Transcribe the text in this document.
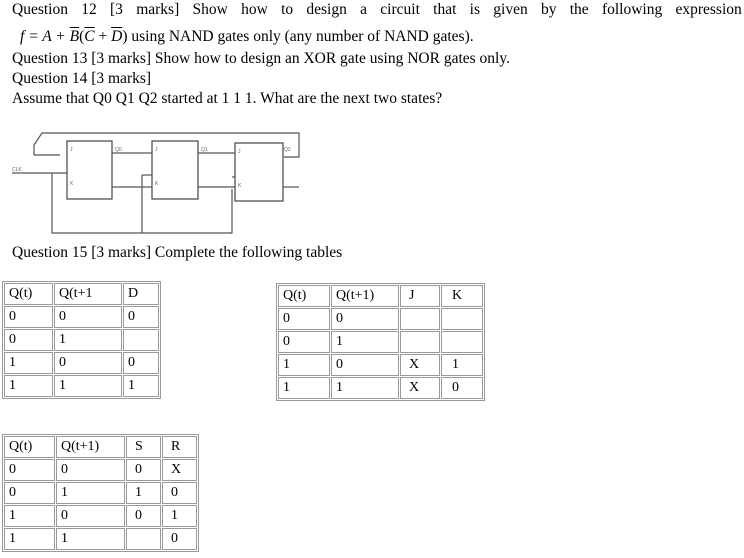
Question 12 [3 marks] Show how to design a circuit that is given by the following expression
$f = A + \overline{B}(\overline{C} + \overline{D})$ using NAND gates only (any number of NAND gates).
Question 13 [3 marks] Show how to design an XOR gate using NOR gates only.
Question 14 [3 marks]
Assume that Q0 Q1 Q2 started at 1 1 1. What are the next two states?
CLK
J	Q0
K
J	Q1
K
J	Q2
K
Question 15 [3 marks] Complete the following tables
Q(t)	Q(t+1	D
0	0	0
0	1	
1	0	0
1	1	1
Q(t)	Q(t+1)	J	K
0	0		
0	1		
1	0	X	1
1	1	X	0
Q(t)	Q(t+1)	S	R
0	0	0	X
0	1	1	0
1	0	0	1
1	1		0
